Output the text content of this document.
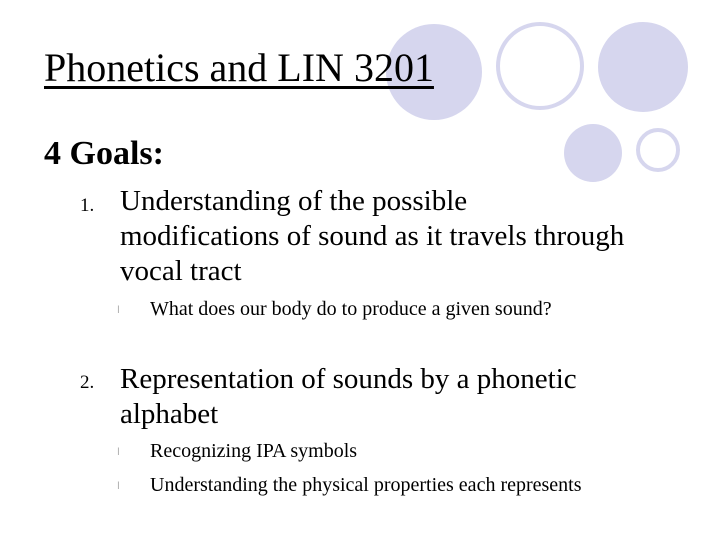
Phonetics and LIN 3201
4 Goals:
1. Understanding of the possible
modifications of sound as it travels through
vocal tract
l What does our body do to produce a given sound?
2. Representation of sounds by a phonetic
alphabet
l Recognizing IPA symbols
l Understanding the physical properties each represents
